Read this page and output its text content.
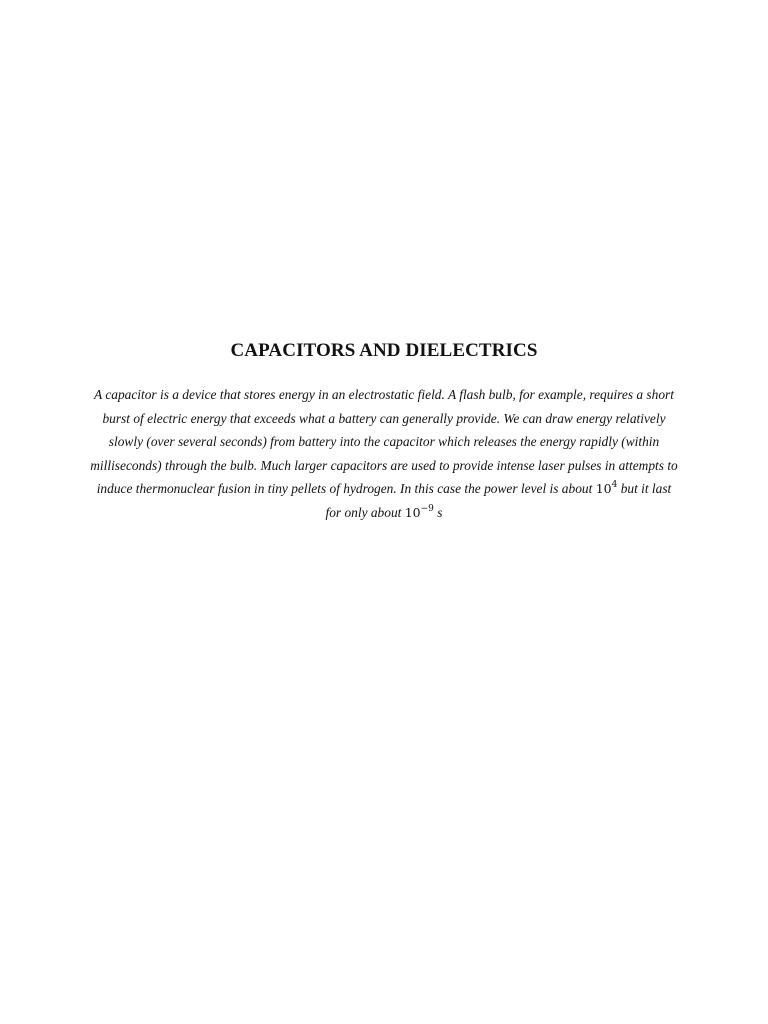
CAPACITORS AND DIELECTRICS
A capacitor is a device that stores energy in an electrostatic field. A flash bulb, for example, requires a short
burst of electric energy that exceeds what a battery can generally provide. We can draw energy relatively
slowly (over several seconds) from battery into the capacitor which releases the energy rapidly (within
milliseconds) through the bulb. Much larger capacitors are used to provide intense laser pulses in attempts to
induce thermonuclear fusion in tiny pellets of hydrogen. In this case the power level is about $10^4$ but it last
for only about $10^{-9}$ s
